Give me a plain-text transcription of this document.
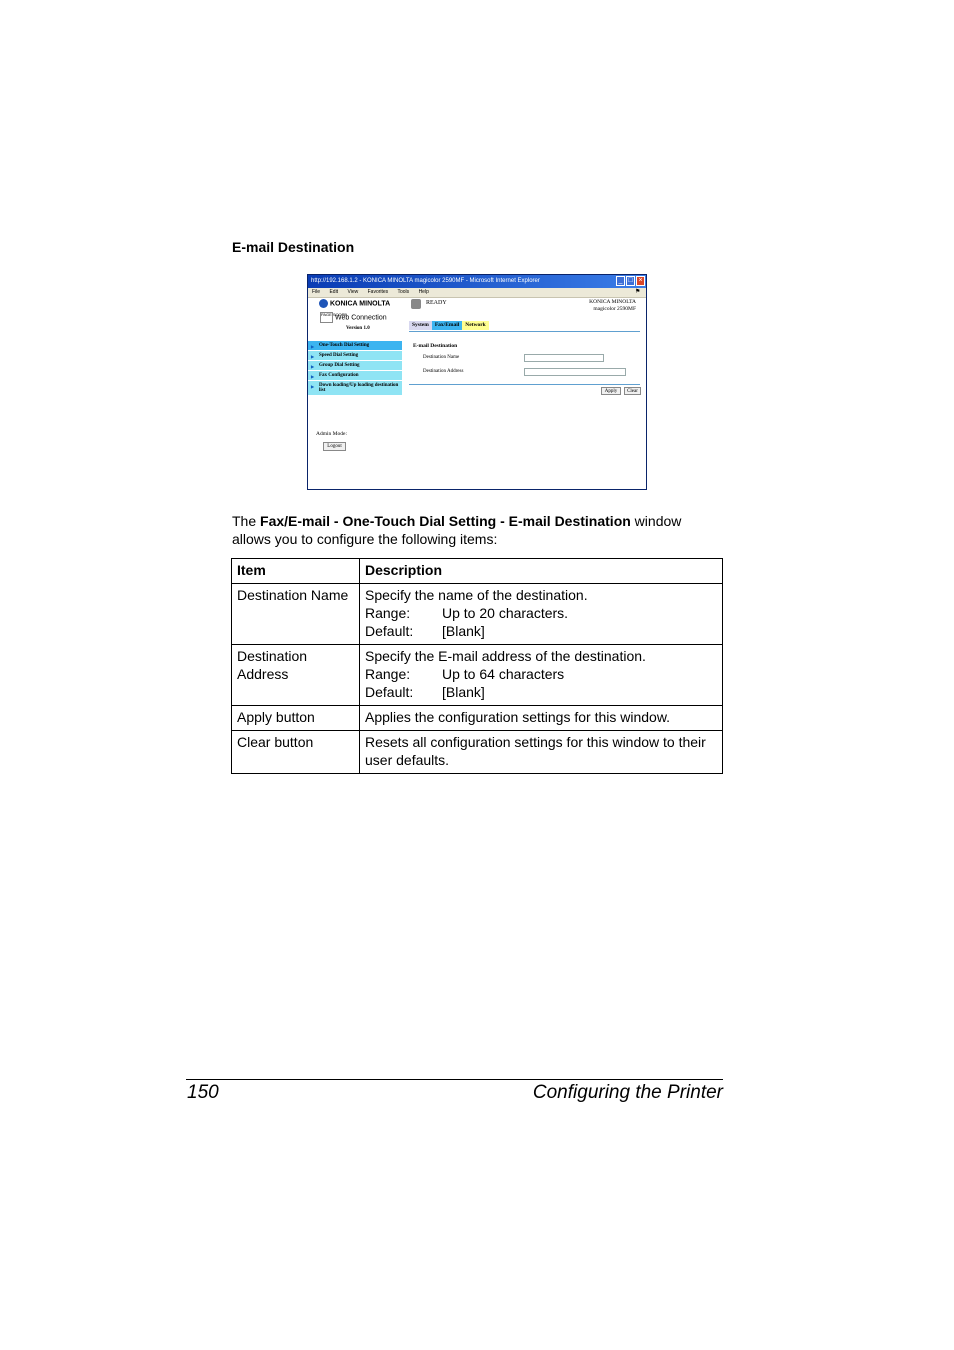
E-mail Destination
http://192.168.1.2 - KONICA MINOLTA magicolor 2590MF - Microsoft Internet Explorer	_ □ ×
File Edit View Favorites Tools Help	⚑
KONICA MINOLTA
PAGE SCOPEWeb Connection
Version 1.0
READY	KONICA MINOLTA
magicolor 2590MF
System	Fax/Email	Network
▶ One-Touch Dial Setting
▶ Speed Dial Setting
▶ Group Dial Setting
▶ Fax Configuration
▶ Down loading/Up loading destination list
Admin Mode:
Logout
E-mail Destination
Destination Name
Destination Address
Apply	Clear
The Fax/E-mail - One-Touch Dial Setting - E-mail Destination window allows you to configure the following items:
Item	Description
Destination Name	Specify the name of the destination.
Range: Up to 20 characters.
Default: [Blank]

Destination Address	Specify the E-mail address of the destination.
Range: Up to 64 characters
Default: [Blank]

Apply button	Applies the configuration settings for this window.
Clear button	Resets all configuration settings for this window to their user defaults.
150	Configuring the Printer
